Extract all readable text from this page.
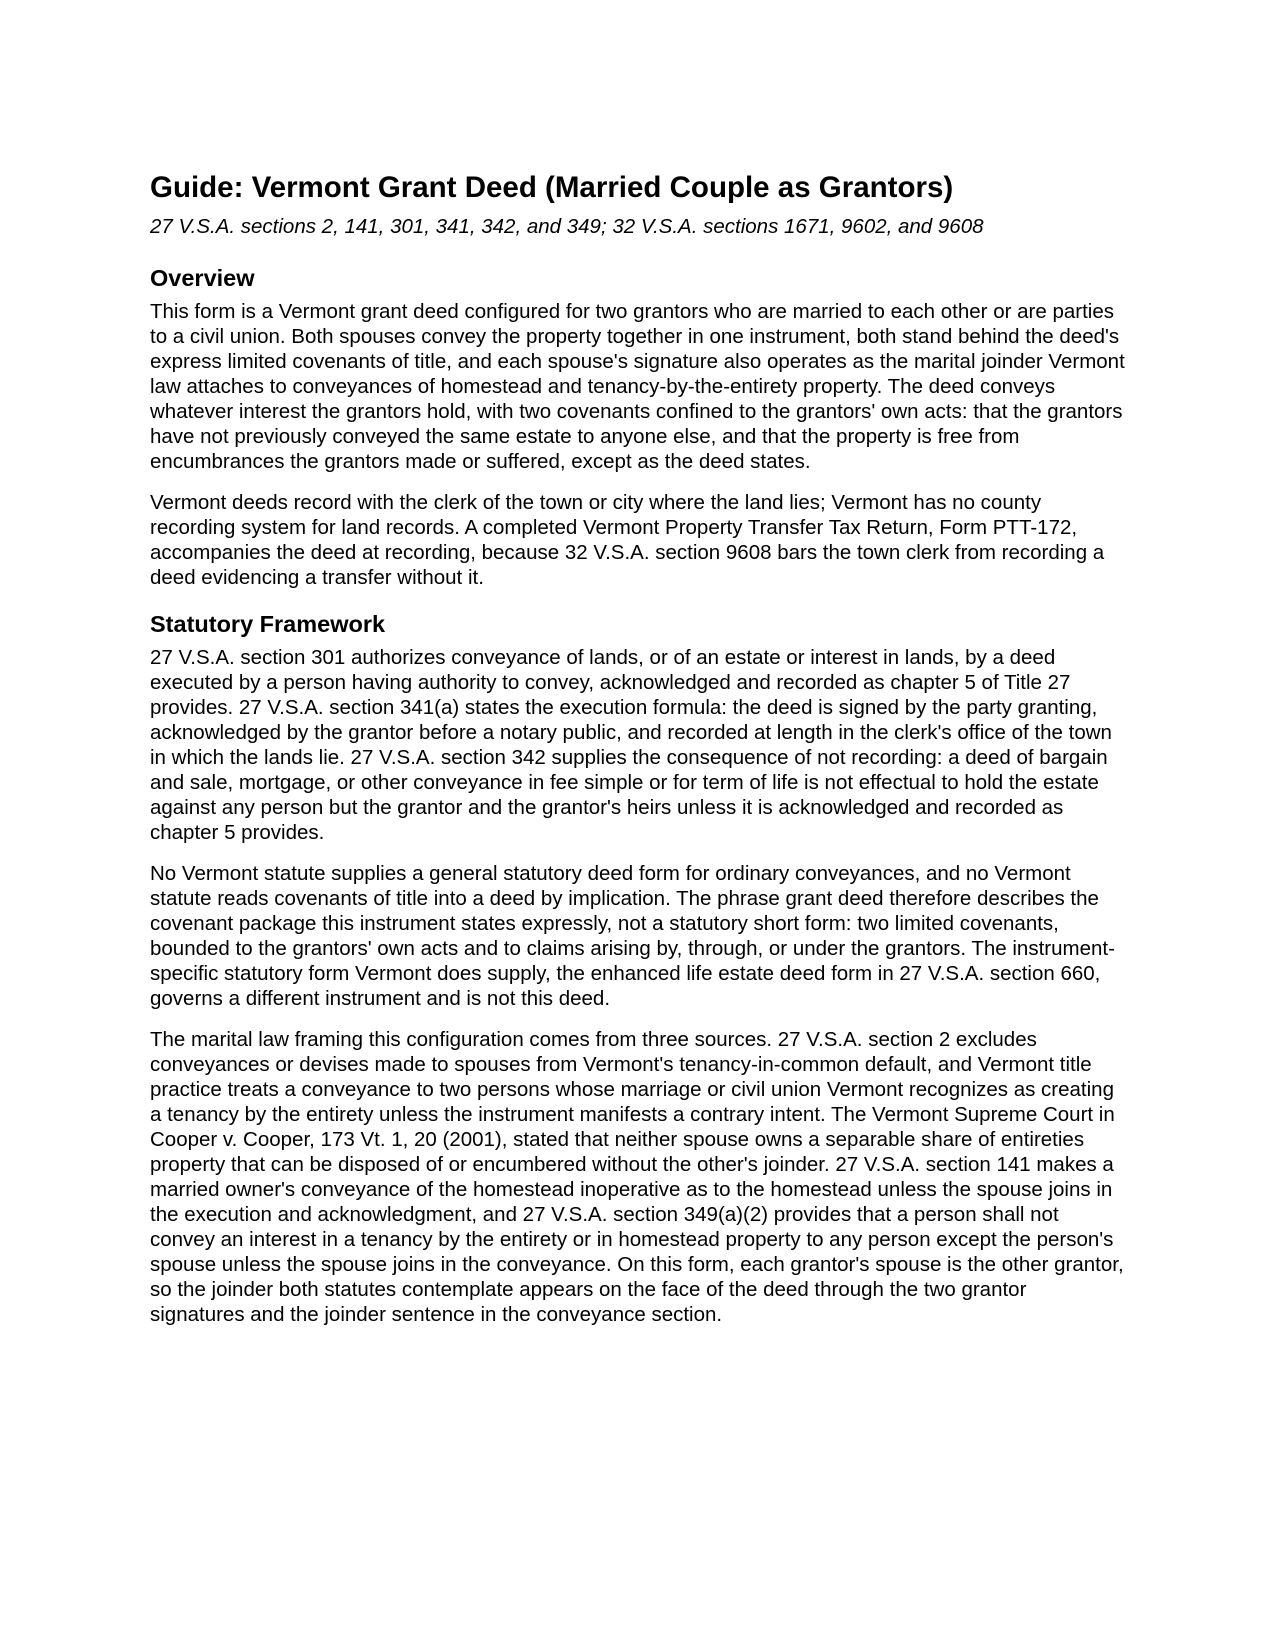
Guide: Vermont Grant Deed (Married Couple as Grantors)
27 V.S.A. sections 2, 141, 301, 341, 342, and 349; 32 V.S.A. sections 1671, 9602, and 9608
Overview

This form is a Vermont grant deed configured for two grantors who are married to each other or are parties to a civil union. Both spouses convey the property together in one instrument, both stand behind the deed's express limited covenants of title, and each spouse's signature also operates as the marital joinder Vermont law attaches to conveyances of homestead and tenancy-by-the-entirety property. The deed conveys whatever interest the grantors hold, with two covenants confined to the grantors' own acts: that the grantors have not previously conveyed the same estate to anyone else, and that the property is free from encumbrances the grantors made or suffered, except as the deed states.

Vermont deeds record with the clerk of the town or city where the land lies; Vermont has no county recording system for land records. A completed Vermont Property Transfer Tax Return, Form PTT-172, accompanies the deed at recording, because 32 V.S.A. section 9608 bars the town clerk from recording a deed evidencing a transfer without it.

Statutory Framework

27 V.S.A. section 301 authorizes conveyance of lands, or of an estate or interest in lands, by a deed executed by a person having authority to convey, acknowledged and recorded as chapter 5 of Title 27 provides. 27 V.S.A. section 341(a) states the execution formula: the deed is signed by the party granting, acknowledged by the grantor before a notary public, and recorded at length in the clerk's office of the town in which the lands lie. 27 V.S.A. section 342 supplies the consequence of not recording: a deed of bargain and sale, mortgage, or other conveyance in fee simple or for term of life is not effectual to hold the estate against any person but the grantor and the grantor's heirs unless it is acknowledged and recorded as chapter 5 provides.

No Vermont statute supplies a general statutory deed form for ordinary conveyances, and no Vermont statute reads covenants of title into a deed by implication. The phrase grant deed therefore describes the covenant package this instrument states expressly, not a statutory short form: two limited covenants, bounded to the grantors' own acts and to claims arising by, through, or under the grantors. The instrument-specific statutory form Vermont does supply, the enhanced life estate deed form in 27 V.S.A. section 660, governs a different instrument and is not this deed.

The marital law framing this configuration comes from three sources. 27 V.S.A. section 2 excludes conveyances or devises made to spouses from Vermont's tenancy-in-common default, and Vermont title practice treats a conveyance to two persons whose marriage or civil union Vermont recognizes as creating a tenancy by the entirety unless the instrument manifests a contrary intent. The Vermont Supreme Court in Cooper v. Cooper, 173 Vt. 1, 20 (2001), stated that neither spouse owns a separable share of entireties property that can be disposed of or encumbered without the other's joinder. 27 V.S.A. section 141 makes a married owner's conveyance of the homestead inoperative as to the homestead unless the spouse joins in the execution and acknowledgment, and 27 V.S.A. section 349(a)(2) provides that a person shall not convey an interest in a tenancy by the entirety or in homestead property to any person except the person's spouse unless the spouse joins in the conveyance. On this form, each grantor's spouse is the other grantor, so the joinder both statutes contemplate appears on the face of the deed through the two grantor signatures and the joinder sentence in the conveyance section.
